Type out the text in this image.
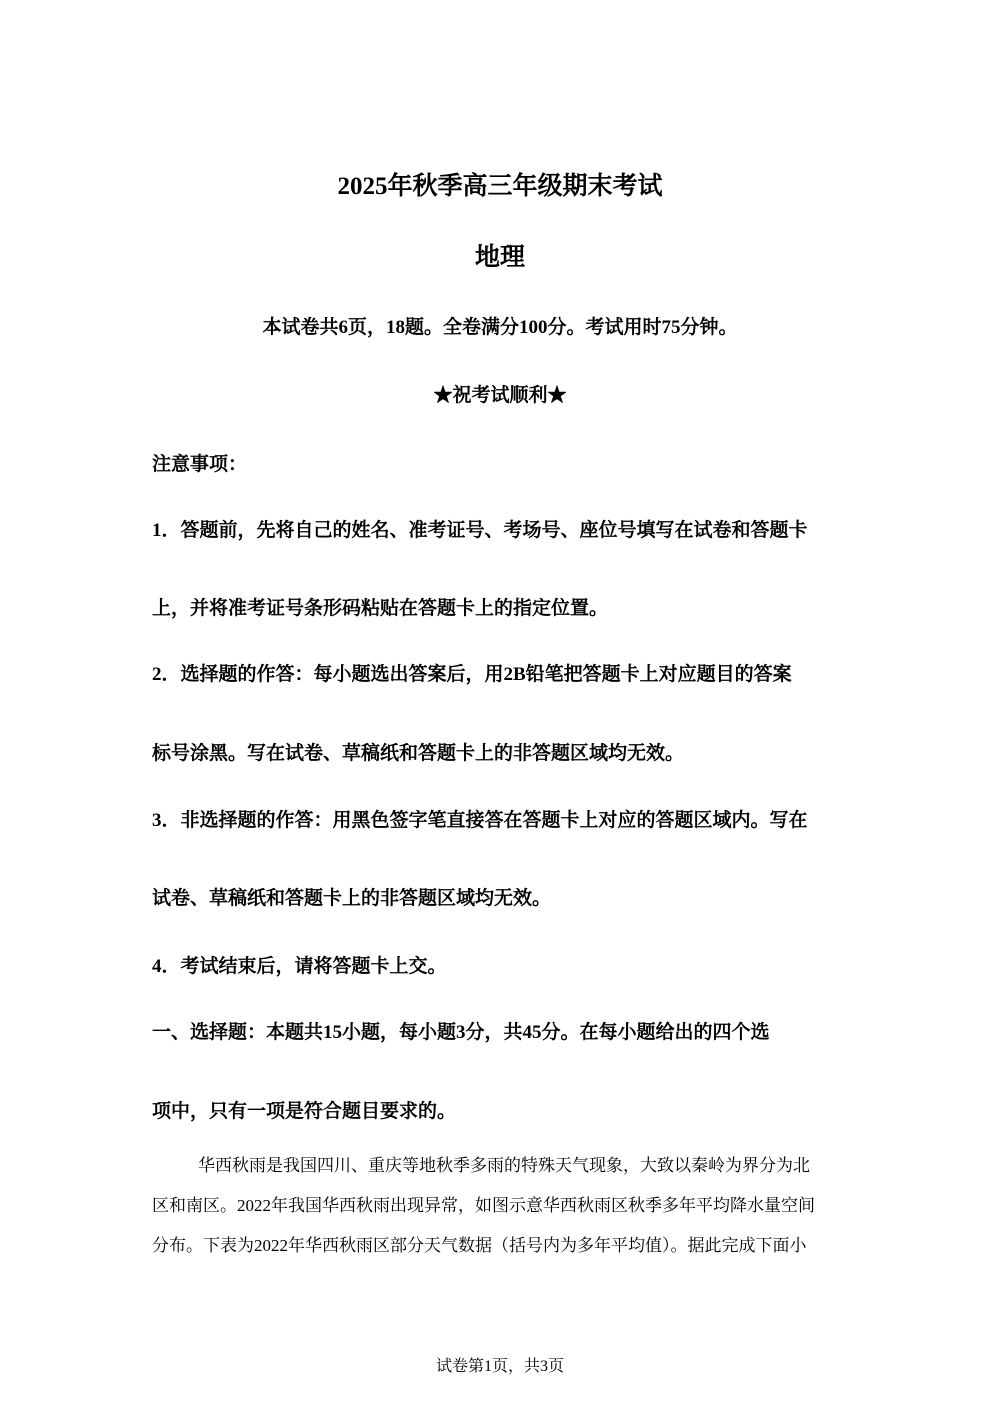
2025年秋季高三年级期末考试
地理
本试卷共6页，18题。全卷满分100分。考试用时75分钟。
★祝考试顺利★
注意事项：
1．答题前，先将自己的姓名、准考证号、考场号、座位号填写在试卷和答题卡
上，并将准考证号条形码粘贴在答题卡上的指定位置。
2．选择题的作答：每小题选出答案后，用2B铅笔把答题卡上对应题目的答案
标号涂黑。写在试卷、草稿纸和答题卡上的非答题区域均无效。
3．非选择题的作答：用黑色签字笔直接答在答题卡上对应的答题区域内。写在
试卷、草稿纸和答题卡上的非答题区域均无效。
4．考试结束后，请将答题卡上交。
一、选择题：本题共15小题，每小题3分，共45分。在每小题给出的四个选
项中，只有一项是符合题目要求的。
华西秋雨是我国四川、重庆等地秋季多雨的特殊天气现象，大致以秦岭为界分为北
区和南区。2022年我国华西秋雨出现异常，如图示意华西秋雨区秋季多年平均降水量空间
分布。下表为2022年华西秋雨区部分天气数据（括号内为多年平均值）。据此完成下面小
试卷第1页，共3页
